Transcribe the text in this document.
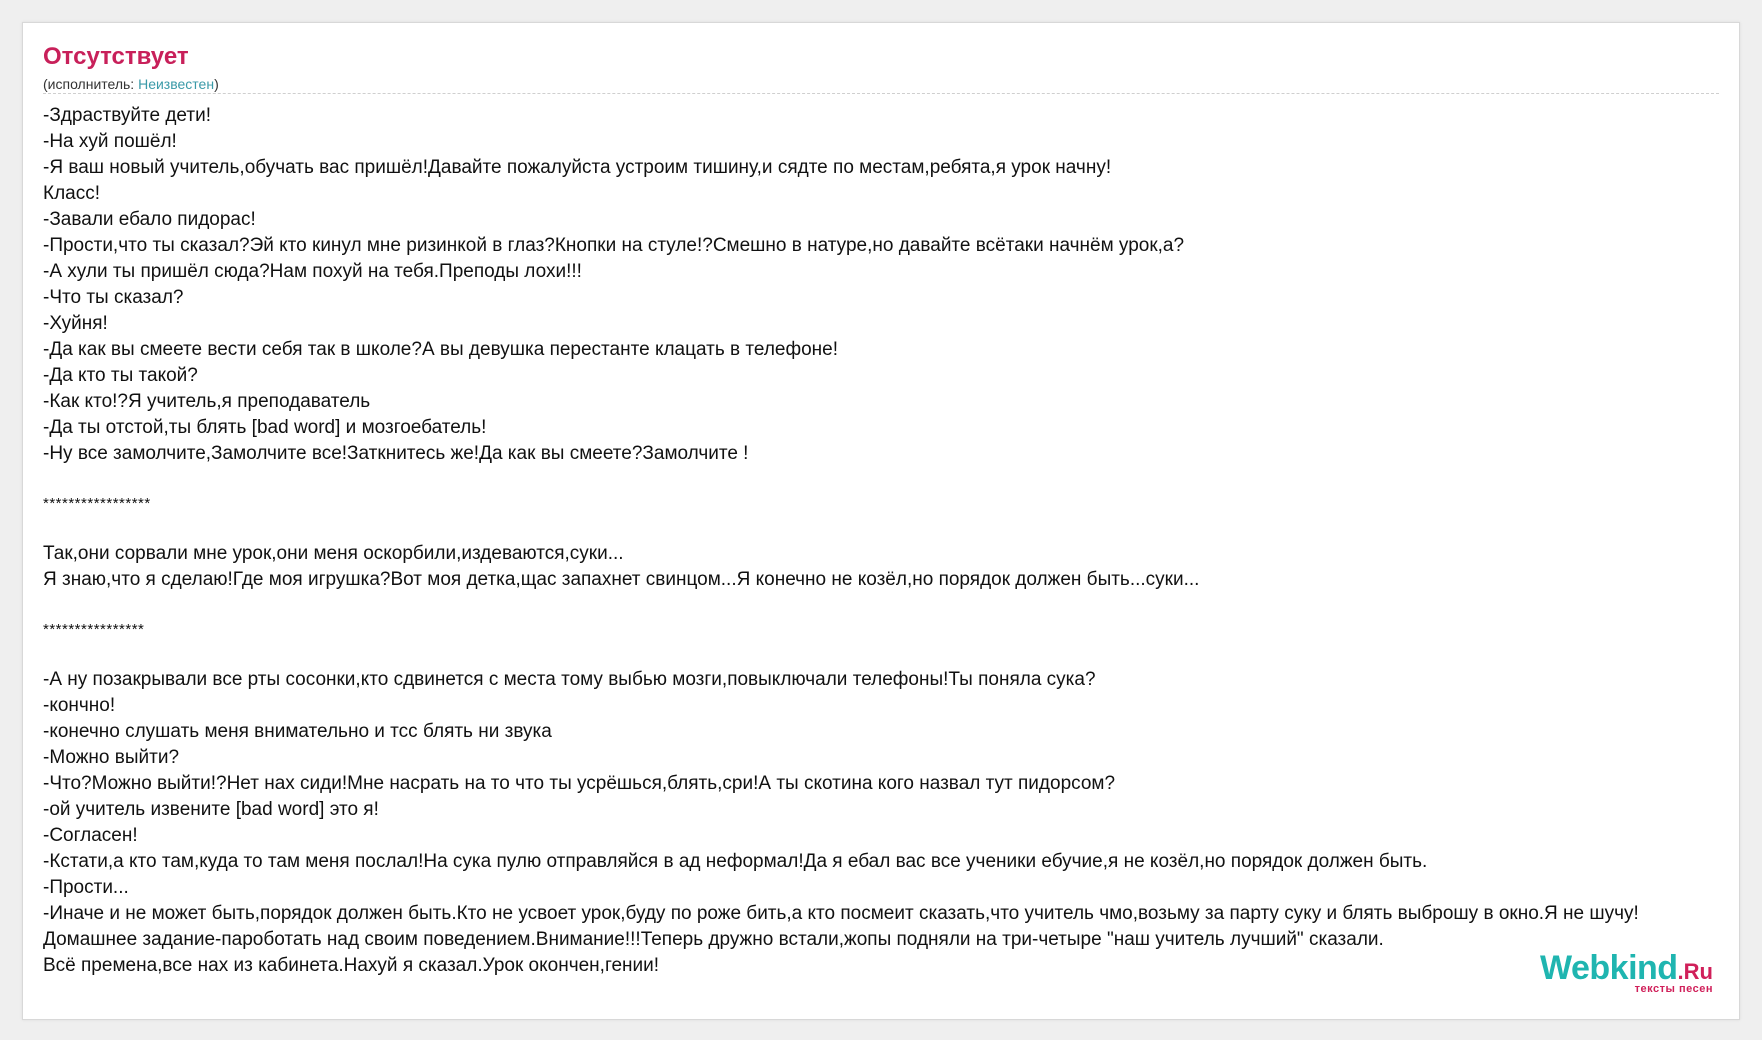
Отсутствует
(исполнитель: Неизвестен)
-Здраствуйте дети!
-На хуй пошёл!
-Я ваш новый учитель,обучать вас пришёл!Давайте пожалуйста устроим тишину,и сядте по местам,ребята,я урок начну!
Класс!
-Завали ебало пидорас!
-Прости,что ты сказал?Эй кто кинул мне ризинкой в глаз?Кнопки на стуле!?Смешно в натуре,но давайте всётаки начнём урок,а?
-А хули ты пришёл сюда?Нам похуй на тебя.Преподы лохи!!!
-Что ты сказал?
-Хуйня!
-Да как вы смеете вести себя так в школе?А вы девушка перестанте клацать в телефоне!
-Да кто ты такой?
-Как кто!?Я учитель,я преподаватель
-Да ты отстой,ты блять [bad word] и мозгоебатель!
-Ну все замолчите,Замолчите все!Заткнитесь же!Да как вы смеете?Замолчите !
*****************
Так,они сорвали мне урок,они меня оскорбили,издеваются,суки...
Я знаю,что я сделаю!Где моя игрушка?Вот моя детка,щас запахнет свинцом...Я конечно не козёл,но порядок должен быть...суки...
****************
-А ну позакрывали все рты сосонки,кто сдвинется с места тому выбью мозги,повыключали телефоны!Ты поняла сука?
-кончно!
-конечно слушать меня внимательно и тсс блять ни звука
-Можно выйти?
-Что?Можно выйти!?Нет нах сиди!Мне насрать на то что ты усрёшься,блять,сри!А ты скотина кого назвал тут пидорсом?
-ой учитель извените [bad word] это я!
-Согласен!
-Кстати,а кто там,куда то там меня послал!На сука пулю отправляйся в ад неформал!Да я ебал вас все ученики ебучие,я не козёл,но порядок должен быть.
-Прости...
-Иначе и не может быть,порядок должен быть.Кто не усвоет урок,буду по роже бить,а кто посмеит сказать,что учитель чмо,возьму за парту суку и блять выброшу в окно.Я не шучу!
Домашнее задание-пароботать над своим поведением.Внимание!!!Теперь дружно встали,жопы подняли на три-четыре "наш учитель лучший" сказали.
Всё премена,все нах из кабинета.Нахуй я сказал.Урок окончен,гении!	Webkind.Ru
тексты песен
